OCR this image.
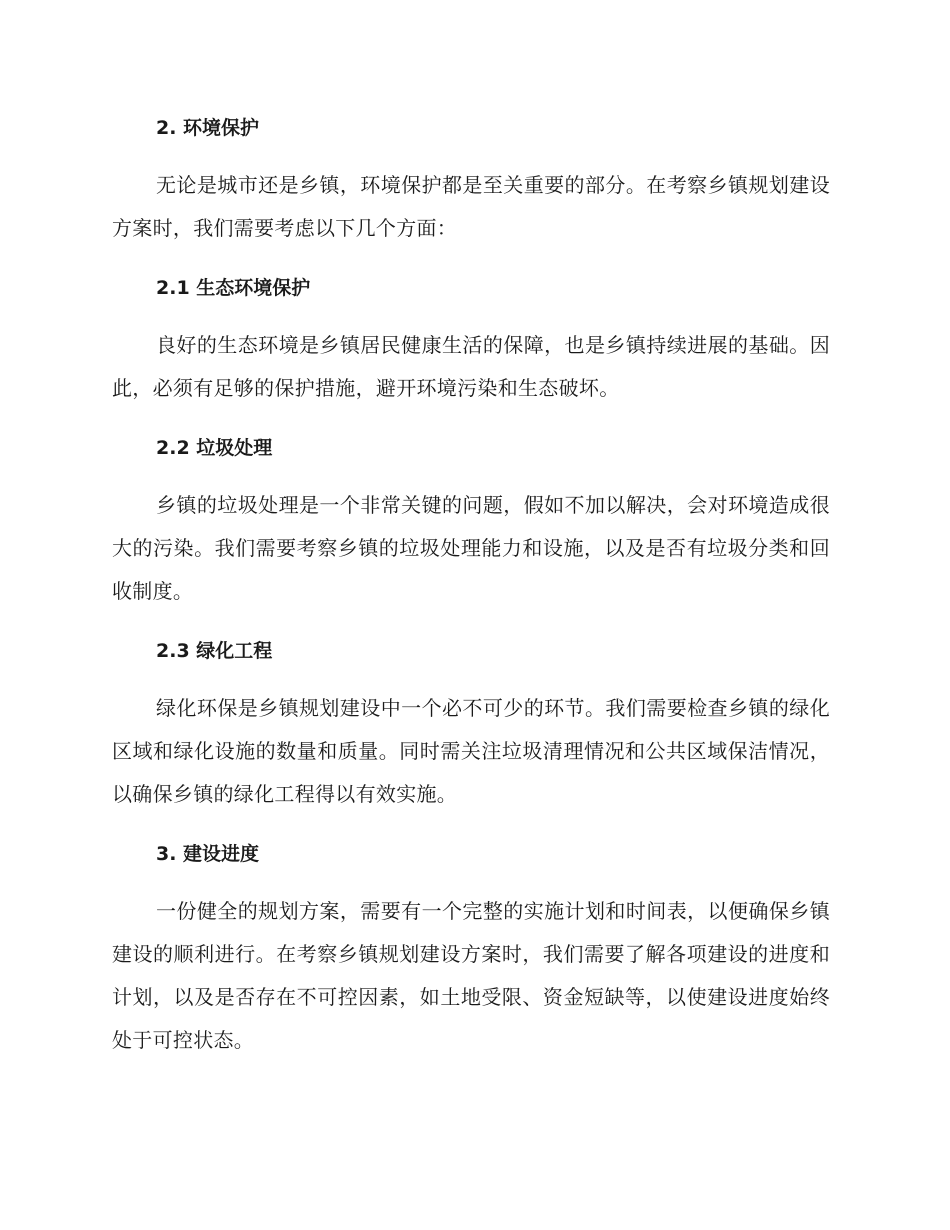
2. 环境保护

无论是城市还是乡镇，环境保护都是至关重要的部分。在考察乡镇规划建设方案时，我们需要考虑以下几个方面：

2.1 生态环境保护

良好的生态环境是乡镇居民健康生活的保障，也是乡镇持续进展的基础。因此，必须有足够的保护措施，避开环境污染和生态破坏。

2.2 垃圾处理

乡镇的垃圾处理是一个非常关键的问题，假如不加以解决，会对环境造成很大的污染。我们需要考察乡镇的垃圾处理能力和设施，以及是否有垃圾分类和回收制度。

2.3 绿化工程

绿化环保是乡镇规划建设中一个必不可少的环节。我们需要检查乡镇的绿化区域和绿化设施的数量和质量。同时需关注垃圾清理情况和公共区域保洁情况，以确保乡镇的绿化工程得以有效实施。

3. 建设进度

一份健全的规划方案，需要有一个完整的实施计划和时间表，以便确保乡镇建设的顺利进行。在考察乡镇规划建设方案时，我们需要了解各项建设的进度和计划，以及是否存在不可控因素，如土地受限、资金短缺等，以使建设进度始终处于可控状态。
